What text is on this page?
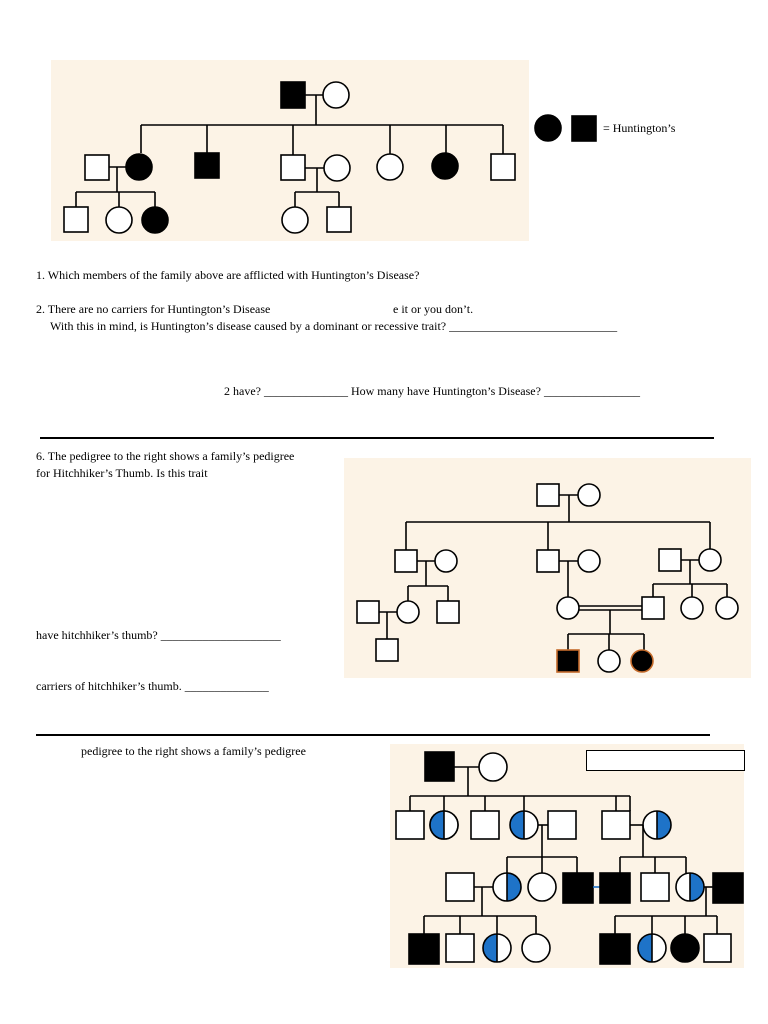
= Huntington’s
1. Which members of the family above are afflicted with Huntington’s Disease?
2. There are no carriers for Huntington’s Disease	e it or you don’t.
With this in mind, is Huntington’s disease caused by a dominant or recessive trait? ____________________________
2 have? ______________ How many have Huntington’s Disease? ________________
6. The pedigree to the right shows a family’s pedigree
for Hitchhiker’s Thumb. Is this trait
have hitchhiker’s thumb? ____________________
carriers of hitchhiker’s thumb. ______________
pedigree to the right shows a family’s pedigree
